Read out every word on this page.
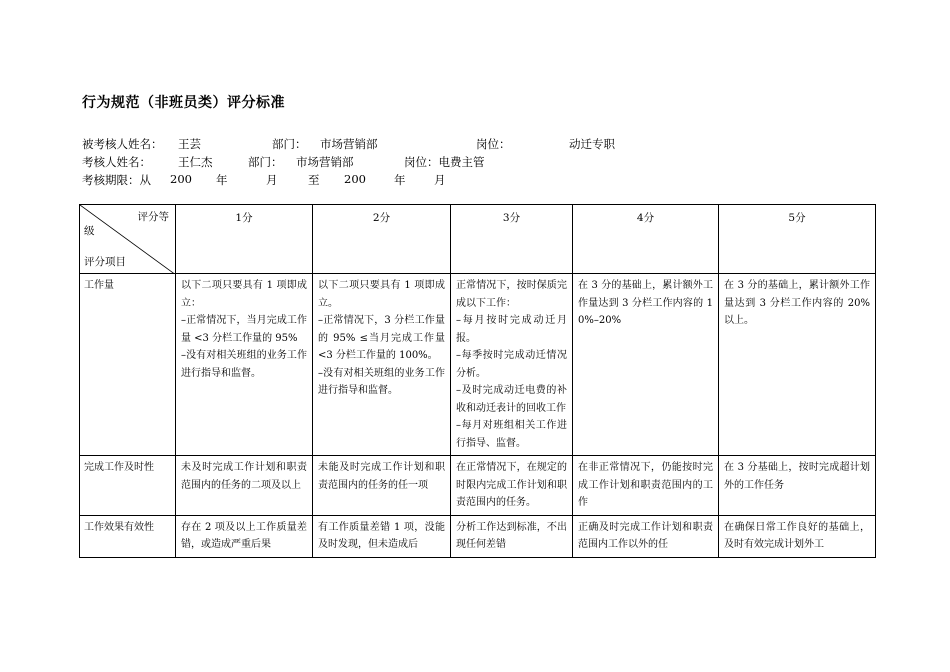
行为规范（非班员类）评分标准
被考核人姓名： 王芸	部门： 市场营销部	岗位：	动迁专职
考核人姓名： 王仁杰	部门： 市场营销部	岗位：电费主管
考核期限：从 200 年	月	至 200 年 月
评分等
级
评分项目	1分	2分	3分	4分	5分
工作量	以下二项只要具有 1 项即成立：
–正常情况下，当月完成工作量 <3 分栏工作量的 95%
–没有对相关班组的业务工作进行指导和监督。	以下二项只要具有 1 项即成立。
–正常情况下，3 分栏工作量的 95% ≤当月完成工作量 <3 分栏工作量的 100%。
–没有对相关班组的业务工作进行指导和监督。	正常情况下，按时保质完成以下工作：
–每月按时完成动迁月报。
–每季按时完成动迁情况分析。
–及时完成动迁电费的补收和动迁表计的回收工作
–每月对班组相关工作进行指导、监督。	在 3 分的基础上，累计额外工作量达到 3 分栏工作内容的 10%–20%	在 3 分的基础上，累计额外工作量达到 3 分栏工作内容的 20%以上。

完成工作及时性	未及时完成工作计划和职责范围内的任务的二项及以上	未能及时完成工作计划和职责范围内的任务的任一项	在正常情况下，在规定的时限内完成工作计划和职责范围内的任务。	在非正常情况下，仍能按时完成工作计划和职责范围内的工作	在 3 分基础上，按时完成超计划外的工作任务

工作效果有效性	存在 2 项及以上工作质量差错，或造成严重后果	有工作质量差错 1 项，没能及时发现，但未造成后	分析工作达到标准，不出现任何差错	正确及时完成工作计划和职责范围内工作以外的任	在确保日常工作良好的基础上，及时有效完成计划外工
